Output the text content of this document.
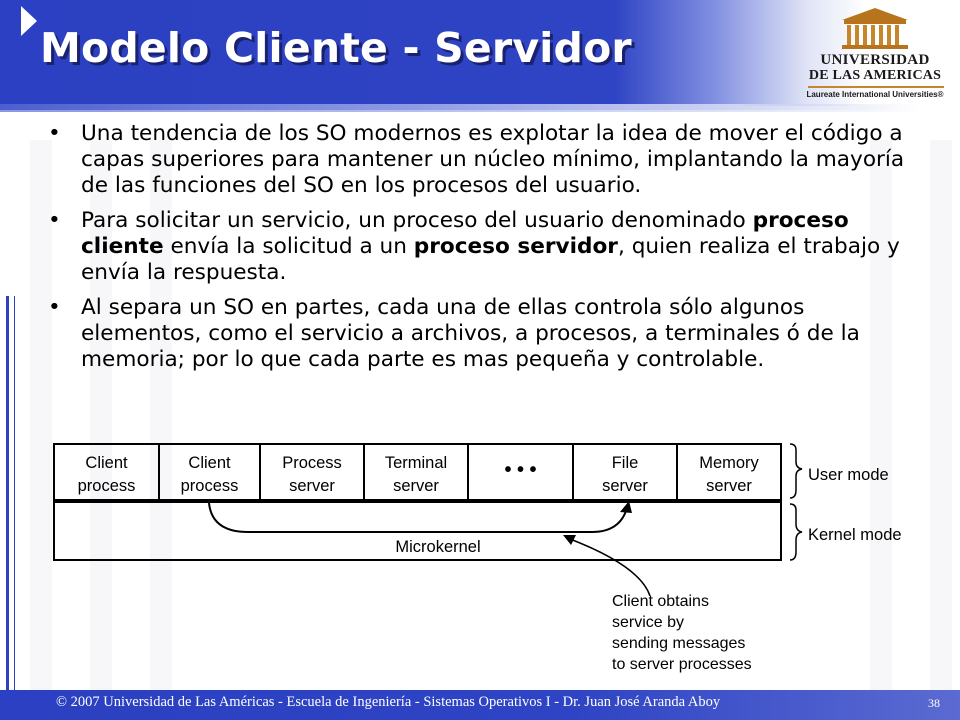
Modelo Cliente - Servidor	UNIVERSIDAD
DE LAS AMERICAS
Laureate International Universities®
• Una tendencia de los SO modernos es explotar la idea de mover el código a capas superiores para mantener un núcleo mínimo, implantando la mayoría de las funciones del SO en los procesos del usuario.
• Para solicitar un servicio, un proceso del usuario denominado proceso cliente envía la solicitud a un proceso servidor, quien realiza el trabajo y envía la respuesta.
• Al separa un SO en partes, cada una de ellas controla sólo algunos elementos, como el servicio a archivos, a procesos, a terminales ó de la memoria; por lo que cada parte es mas pequeña y controlable.
Client
process
Client
process
Process
server
Terminal
server
• • •	File
server
Memory
server
Microkernel
User mode
Kernel mode
Client obtains service by sending messages to server processes
© 2007 Universidad de Las Américas - Escuela de Ingeniería - Sistemas Operativos I - Dr. Juan José Aranda Aboy	38
